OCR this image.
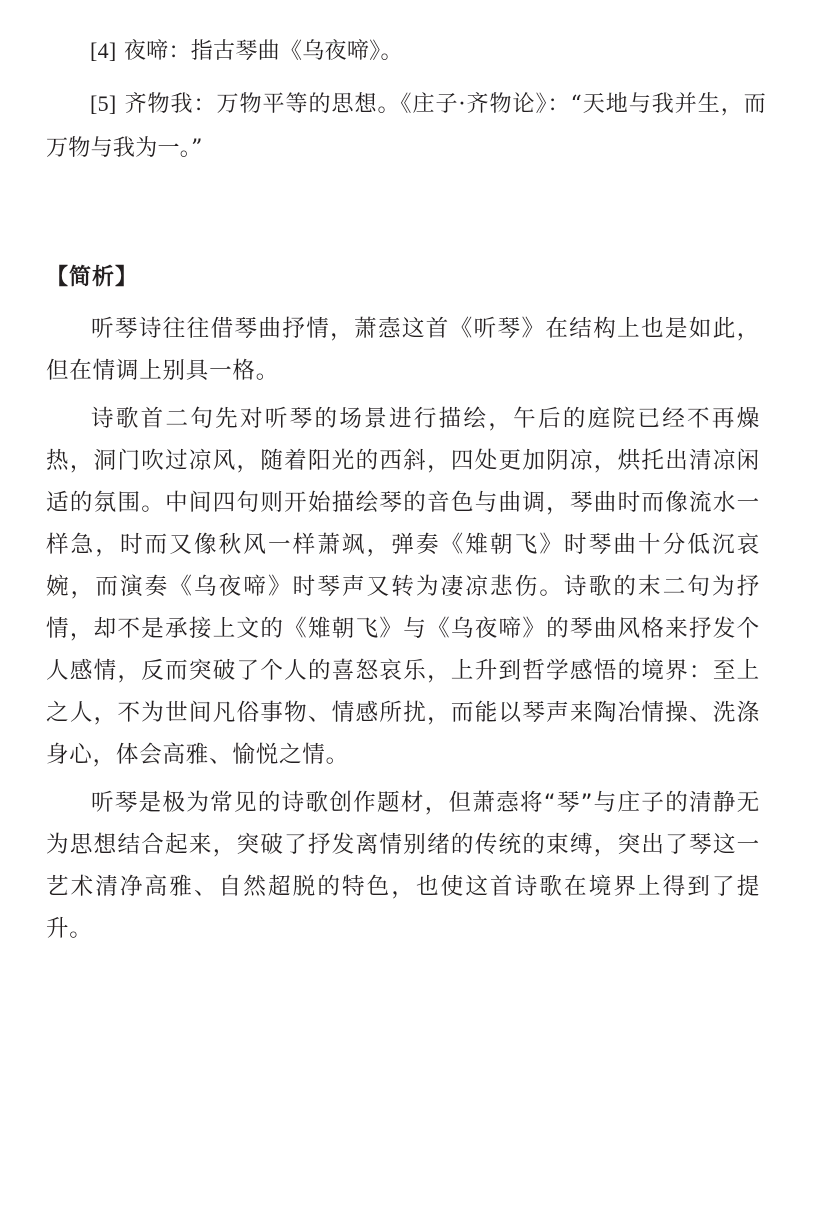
[4] 夜啼：指古琴曲《乌夜啼》。

[5] 齐物我：万物平等的思想。《庄子·齐物论》：“天地与我并生，而万物与我为一。”

【简析】

听琴诗往往借琴曲抒情，萧悫这首《听琴》在结构上也是如此，但在情调上别具一格。

诗歌首二句先对听琴的场景进行描绘，午后的庭院已经不再燥热，洞门吹过凉风，随着阳光的西斜，四处更加阴凉，烘托出清凉闲适的氛围。中间四句则开始描绘琴的音色与曲调，琴曲时而像流水一样急，时而又像秋风一样萧飒，弹奏《雉朝飞》时琴曲十分低沉哀婉，而演奏《乌夜啼》时琴声又转为凄凉悲伤。诗歌的末二句为抒情，却不是承接上文的《雉朝飞》与《乌夜啼》的琴曲风格来抒发个人感情，反而突破了个人的喜怒哀乐，上升到哲学感悟的境界：至上之人，不为世间凡俗事物、情感所扰，而能以琴声来陶冶情操、洗涤身心，体会高雅、愉悦之情。

听琴是极为常见的诗歌创作题材，但萧悫将“琴”与庄子的清静无为思想结合起来，突破了抒发离情别绪的传统的束缚，突出了琴这一艺术清净高雅、自然超脱的特色，也使这首诗歌在境界上得到了提升。
